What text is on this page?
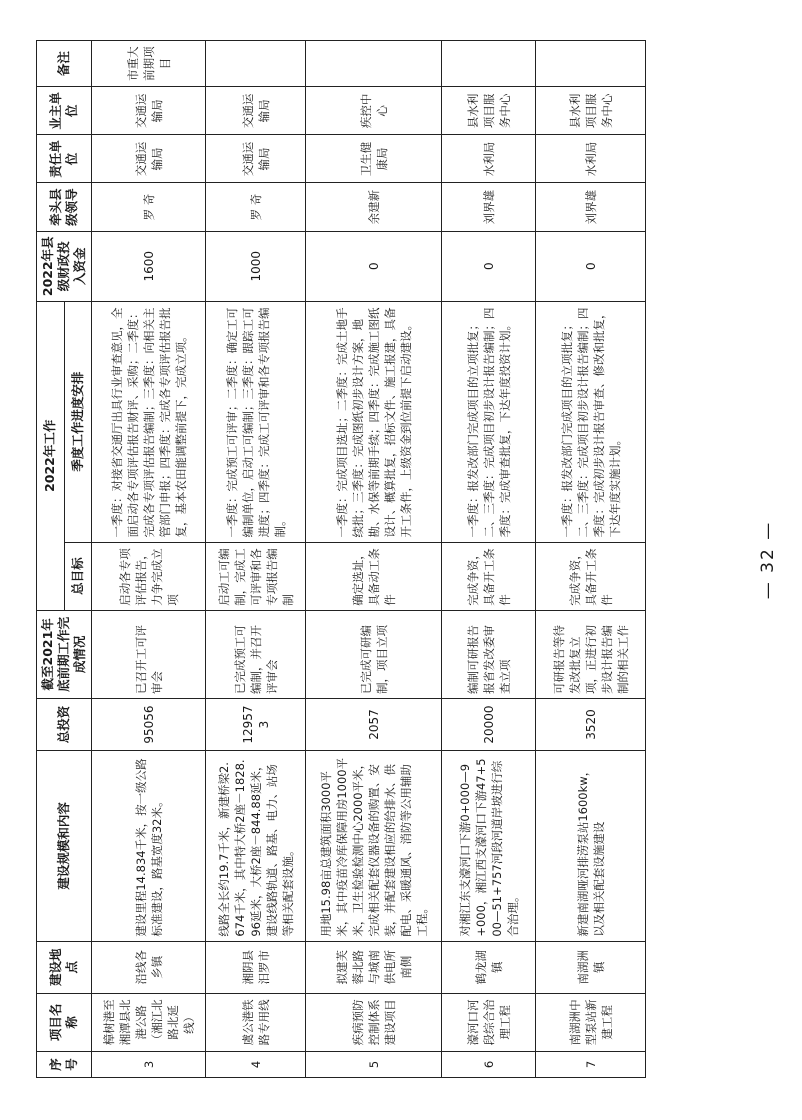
序号	项目名称	建设地点	建设规模和内容	总投资	截至2021年底前期工作完成情况	2022年工作		2022年县级财政投入资金	牵头县级领导	责任单位	业主单位	备注
						总目标	季度工作进度安排					
3	樟树港至湘潭县北港公路（湘江北路北延线）	沿线各乡镇	建设里程14.834千米，按一级公路标准建设，路基宽度32米。	95056	已召开工可评审会	启动各专项评估报告，力争完成立项	一季度：对接省交通厅出具行业审查意见，全面启动各专项评估报告财评、采购；二季度：完成各专项评估报告编制；三季度：向相关主管部门申报；四季度：完成各专项评估报告批复，基本农田能调整前提下，完成立项。	1600	罗 奇	交通运输局	交通运输局	市重大前期项目
4	虞公港铁路专用线	湘阴县汨罗市	线路全长约19.7千米，新建桥梁2.674千米，其中特大桥2座－1828.96延米，大桥2座－844.88延米，建设线路轨道、路基、电力、站场等相关配套设施。	129573	已完成预工可编制，并召开评审会	启动工可编制，完成工可评审和各专项报告编制	一季度：完成预工可评审；二季度：确定工可编制单位，启动工可编制；三季度：跟踪工可进度；四季度：完成工可评审和各专项报告编制。	1000	罗 奇	交通运输局	交通运输局	
5	疾病预防控制体系建设项目	拟建芙蓉北路与城南供电所南侧	用地15.98亩总建筑面积3000平米，其中疫苗冷库保障用房1000平米，卫生检验检测中心2000平米，完成相关配套仪器设备的购置、安装，并配套建设相应的给排水、供配电、采暖通风、消防等公用辅助工程。	2057	已完成可研编制，项目立项	确定选址，具备动工条件	一季度：完成项目选址；二季度：完成土地手续批；三季度：完成图纸初步设计方案，地勘、水保等前期手续；四季度：完成施工图纸设计、概算批复，招标文件、施工报建，具备开工条件，上级资金到位前提下启动建设。	0	余建新	卫生健康局	疾控中心	
6	濠河口河段综合治理工程	鹤龙湖镇	对湘江东支濠河口下游0+000—9+000，湘江西支濠河口下游47+500—51+757河段河道岸坡进行综合治理。	20000	编制可研报告报省发改委审查立项	完成争资，具备开工条件	一季度：报发改部门完成项目的立项批复；二、三季度：完成项目初步设计报告编制；四季度：完成审查批复，下达年度投资计划。	0	刘界雄	水利局	县水利项目服务中心	
7	南湖洲中型泵站新建工程	南湖洲镇	新建南湖哑河排涝泵站1600kw，以及相关配套设施建设	3520	可研报告等待发改批复立项，正进行初步设计报告编制的相关工作	完成争资，具备开工条件	一季度：报发改部门完成项目的立项批复；二、三季度：完成项目初步设计报告编制；四季度：完成初步设计报告审查、修改和批复，下达年度实施计划。	0	刘界雄	水利局	县水利项目服务中心	
— 32 —
